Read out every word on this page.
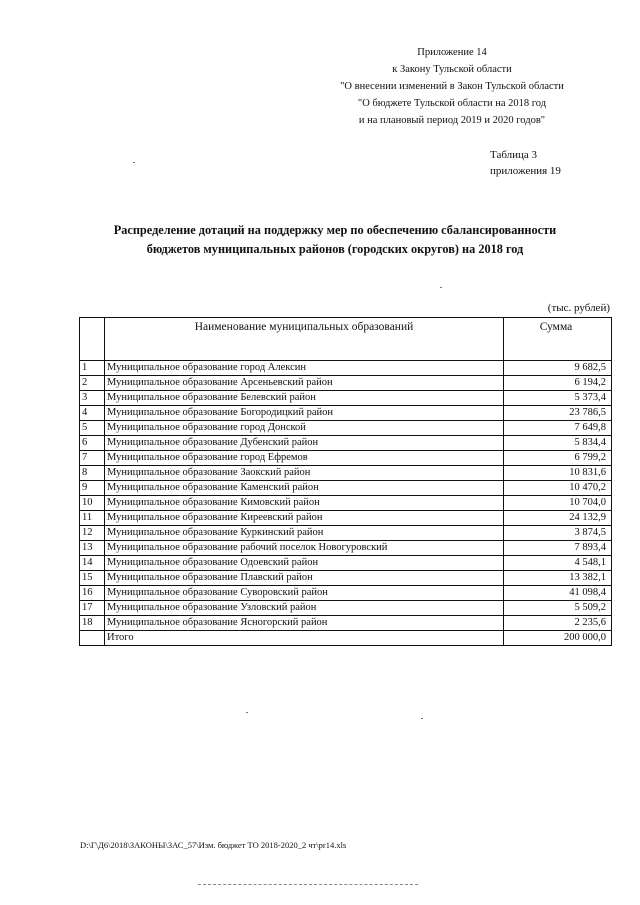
Приложение 14
к Закону Тульской области
"О внесении изменений в Закон Тульской области
"О бюджете Тульской области на 2018 год
и на плановый период 2019 и 2020 годов"
Таблица 3
приложения 19
Распределение дотаций на поддержку мер по обеспечению сбалансированности
бюджетов муниципальных районов (городских округов) на 2018 год
(тыс. рублей)
	Наименование муниципальных образований	Сумма
1	Муниципальное образование город Алексин	9 682,5
2	Муниципальное образование Арсеньевский район	6 194,2
3	Муниципальное образование Белевский район	5 373,4
4	Муниципальное образование Богородицкий район	23 786,5
5	Муниципальное образование город Донской	7 649,8
6	Муниципальное образование Дубенский район	5 834,4
7	Муниципальное образование город Ефремов	6 799,2
8	Муниципальное образование Заокский район	10 831,6
9	Муниципальное образование Каменский район	10 470,2
10	Муниципальное образование Кимовский район	10 704,0
11	Муниципальное образование Киреевский район	24 132,9
12	Муниципальное образование Куркинский район	3 874,5
13	Муниципальное образование рабочий поселок Новогуровский	7 893,4
14	Муниципальное образование Одоевский район	4 548,1
15	Муниципальное образование Плавский район	13 382,1
16	Муниципальное образование Суворовский район	41 098,4
17	Муниципальное образование Узловский район	5 509,2
18	Муниципальное образование Ясногорский район	2 235,6
	Итого	200 000,0
D:\Г\Д6\2018\ЗАКОНЫ\ЗАС_57\Изм. бюджет ТО 2018-2020_2 чт\pr14.xls
